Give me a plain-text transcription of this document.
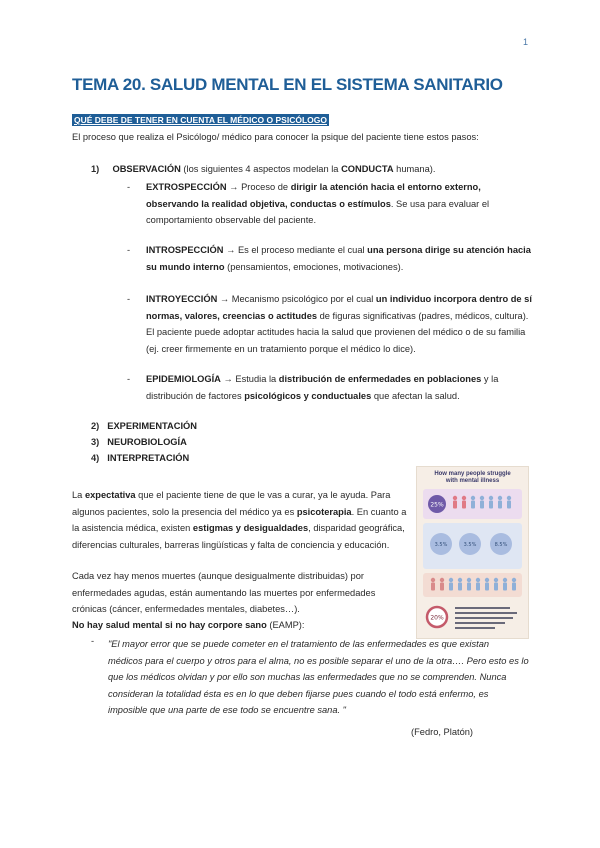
1
TEMA 20. SALUD MENTAL EN EL SISTEMA SANITARIO
QUÉ DEBE DE TENER EN CUENTA EL MÉDICO O PSICÓLOGO
El proceso que realiza el Psicólogo/ médico para conocer la psique del paciente tiene estos pasos:
1) OBSERVACIÓN (los siguientes 4 aspectos modelan la CONDUCTA humana).
- EXTROSPECCIÓN → Proceso de dirigir la atención hacia el entorno externo,
observando la realidad objetiva, conductas o estímulos. Se usa para evaluar el
comportamiento observable del paciente.
- INTROSPECCIÓN → Es el proceso mediante el cual una persona dirige su atención hacia
su mundo interno (pensamientos, emociones, motivaciones).
- INTROYECCIÓN → Mecanismo psicológico por el cual un individuo incorpora dentro de sí
normas, valores, creencias o actitudes de figuras significativas (padres, médicos, cultura).
El paciente puede adoptar actitudes hacia la salud que provienen del médico o de su familia
(ej. creer firmemente en un tratamiento porque el médico lo dice).
- EPIDEMIOLOGÍA → Estudia la distribución de enfermedades en poblaciones y la
distribución de factores psicológicos y conductuales que afectan la salud.
2) EXPERIMENTACIÓN
3) NEUROBIOLOGÍA
4) INTERPRETACIÓN
La expectativa que el paciente tiene de que le vas a curar, ya le ayuda. Para
algunos pacientes, solo la presencia del médico ya es psicoterapia. En cuanto a
la asistencia médica, existen estigmas y desigualdades, disparidad geográfica,
diferencias culturales, barreras lingüísticas y falta de conciencia y educación.
Cada vez hay menos muertes (aunque desigualmente distribuidas) por
enfermedades agudas, están aumentando las muertes por enfermedades
crónicas (cáncer, enfermedades mentales, diabetes…).
How many people struggle
with mental illness
25%
3.5%	3.5%	8.5%
20%
No hay salud mental si no hay corpore sano (EAMP):
- "El mayor error que se puede cometer en el tratamiento de las enfermedades es que existan
médicos para el cuerpo y otros para el alma, no es posible separar el uno de la otra…. Pero esto es lo
que los médicos olvidan y por ello son muchas las enfermedades que no se comprenden. Nunca
consideran la totalidad ésta es en lo que deben fijarse pues cuando el todo está enfermo, es
imposible que una parte de ese todo se encuentre sana. "
(Fedro, Platón)
